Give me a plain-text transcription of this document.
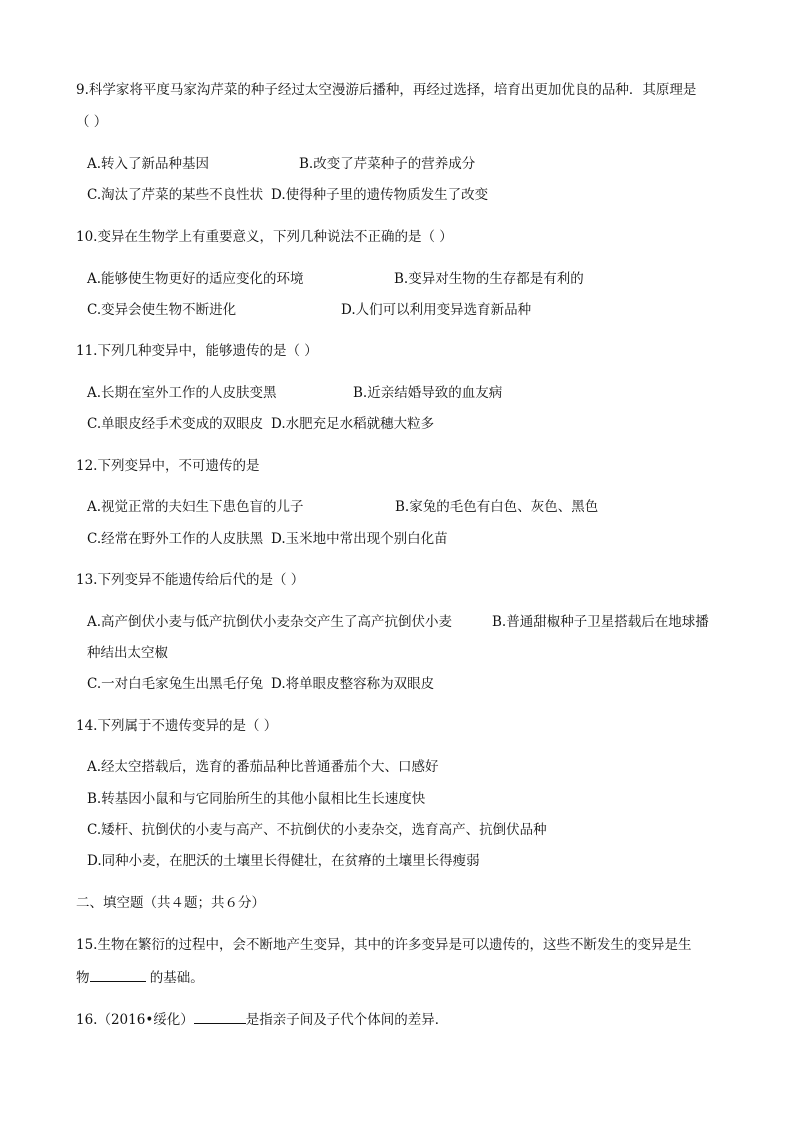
9.科学家将平度马家沟芹菜的种子经过太空漫游后播种，再经过选择，培育出更加优良的品种．其原理是
（ ）
A.转入了新品种基因	B.改变了芹菜种子的营养成分
C.淘汰了芹菜的某些不良性状 D.使得种子里的遗传物质发生了改变
10.变异在生物学上有重要意义，下列几种说法不正确的是（ ）
A.能够使生物更好的适应变化的环境	B.变异对生物的生存都是有利的
C.变异会使生物不断进化	D.人们可以利用变异选育新品种
11.下列几种变异中，能够遗传的是（ ）
A.长期在室外工作的人皮肤变黑	B.近亲结婚导致的血友病
C.单眼皮经手术变成的双眼皮 D.水肥充足水稻就穗大粒多
12.下列变异中，不可遗传的是
A.视觉正常的夫妇生下患色盲的儿子	B.家兔的毛色有白色、灰色、黑色
C.经常在野外工作的人皮肤黑 D.玉米地中常出现个别白化苗
13.下列变异不能遗传给后代的是（ ）
A.高产倒伏小麦与低产抗倒伏小麦杂交产生了高产抗倒伏小麦	B.普通甜椒种子卫星搭载后在地球播
种结出太空椒
C.一对白毛家兔生出黑毛仔兔 D.将单眼皮整容称为双眼皮
14.下列属于不遗传变异的是（ ）
A.经太空搭载后，选育的番茄品种比普通番茄个大、口感好
B.转基因小鼠和与它同胎所生的其他小鼠相比生长速度快
C.矮杆、抗倒伏的小麦与高产、不抗倒伏的小麦杂交，选育高产、抗倒伏品种
D.同种小麦，在肥沃的土壤里长得健壮，在贫瘠的土壤里长得瘦弱
二、填空题（共４题；共６分）
15.生物在繁衍的过程中，会不断地产生变异，其中的许多变异是可以遗传的，这些不断发生的变异是生
物	的基础。
16.（2016•绥化）	是指亲子间及子代个体间的差异．
